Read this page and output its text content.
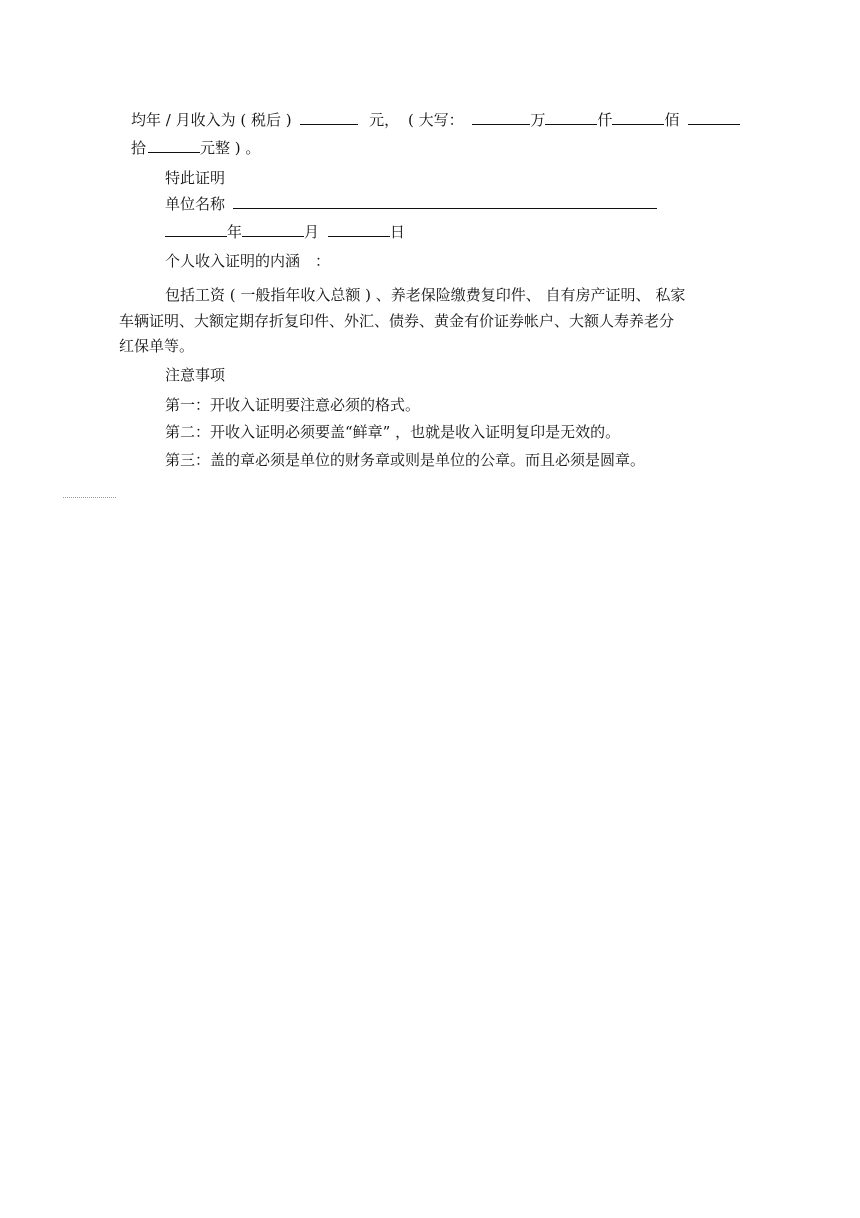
均年 / 月收入为 ( 税后 )	元， ( 大写：	万	仟	佰
拾	元整 ) 。
特此证明
单位名称
年	月	日
个人收入证明的内涵　：
包括工资 ( 一般指年收入总额 ) 、养老保险缴费复印件、 自有房产证明、 私家
车辆证明、大额定期存折复印件、外汇、债券、黄金有价证券帐户、大额人寿养老分
红保单等。
注意事项
第一：开收入证明要注意必须的格式。
第二：开收入证明必须要盖“鲜章” ，也就是收入证明复印是无效的。
第三：盖的章必须是单位的财务章或则是单位的公章。而且必须是圆章。
